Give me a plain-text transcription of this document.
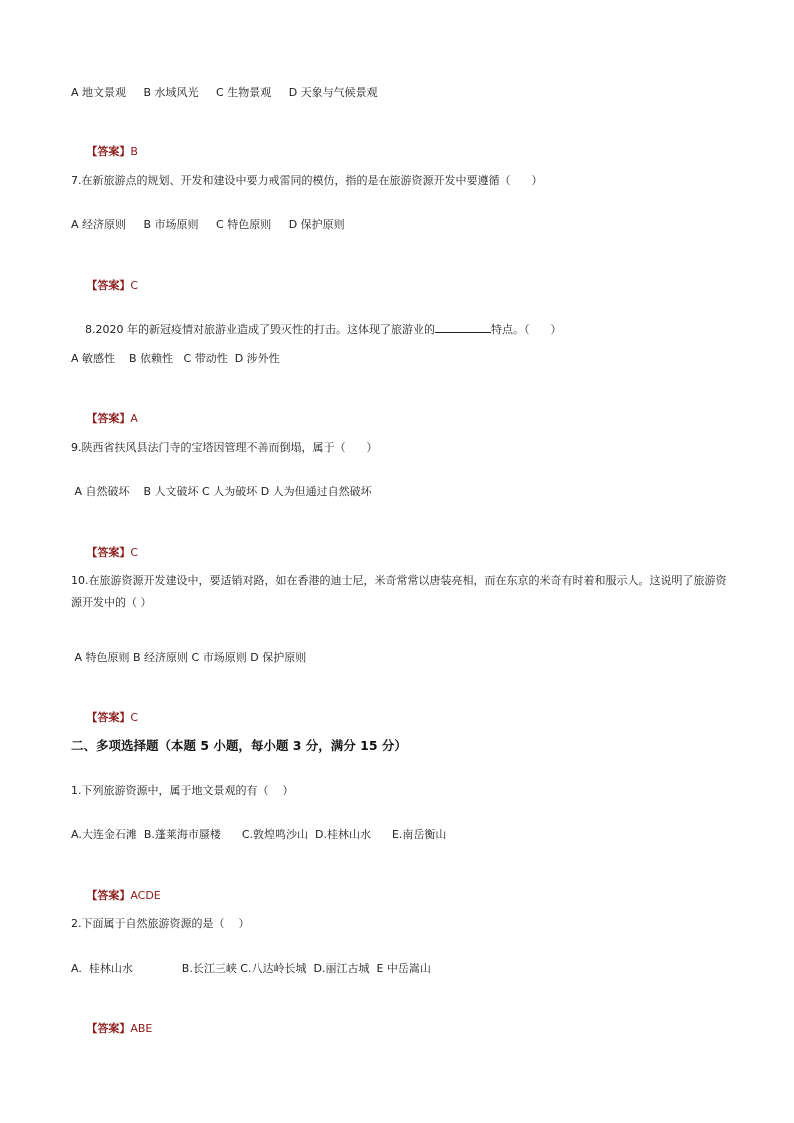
A 地文景观     B 水域风光     C 生物景观     D 天象与气候景观

【答案】B

7.在新旅游点的规划、开发和建设中要力戒雷同的模仿，指的是在旅游资源开发中要遵循（      ）
A 经济原则     B 市场原则     C 特色原则     D 保护原则

【答案】C

8.2020 年的新冠疫情对旅游业造成了毁灭性的打击。这体现了旅游业的	特点。（      ）

A 敏感性    B 依赖性   C 带动性  D 涉外性

【答案】A

9.陕西省扶风县法门寺的宝塔因管理不善而倒塌，属于（      ）
A 自然破坏    B 人文破坏 C 人为破坏 D 人为但通过自然破坏

【答案】C

10.在旅游资源开发建设中，要适销对路，如在香港的迪士尼，米奇常常以唐装亮相，而在东京的米奇有时着和服示人。这说明了旅游资源开发中的（ ）
A 特色原则 B 经济原则 C 市场原则 D 保护原则

【答案】C

二、多项选择题（本题 5 小题，每小题 3 分，满分 15 分）
1.下列旅游资源中，属于地文景观的有（    ）
A.大连金石滩  B.蓬莱海市蜃楼      C.敦煌鸣沙山  D.桂林山水      E.南岳衡山

【答案】ACDE

2.下面属于自然旅游资源的是（    ）
A.  桂林山水              B.长江三峡 C.八达岭长城  D.丽江古城  E 中岳嵩山

【答案】ABE
